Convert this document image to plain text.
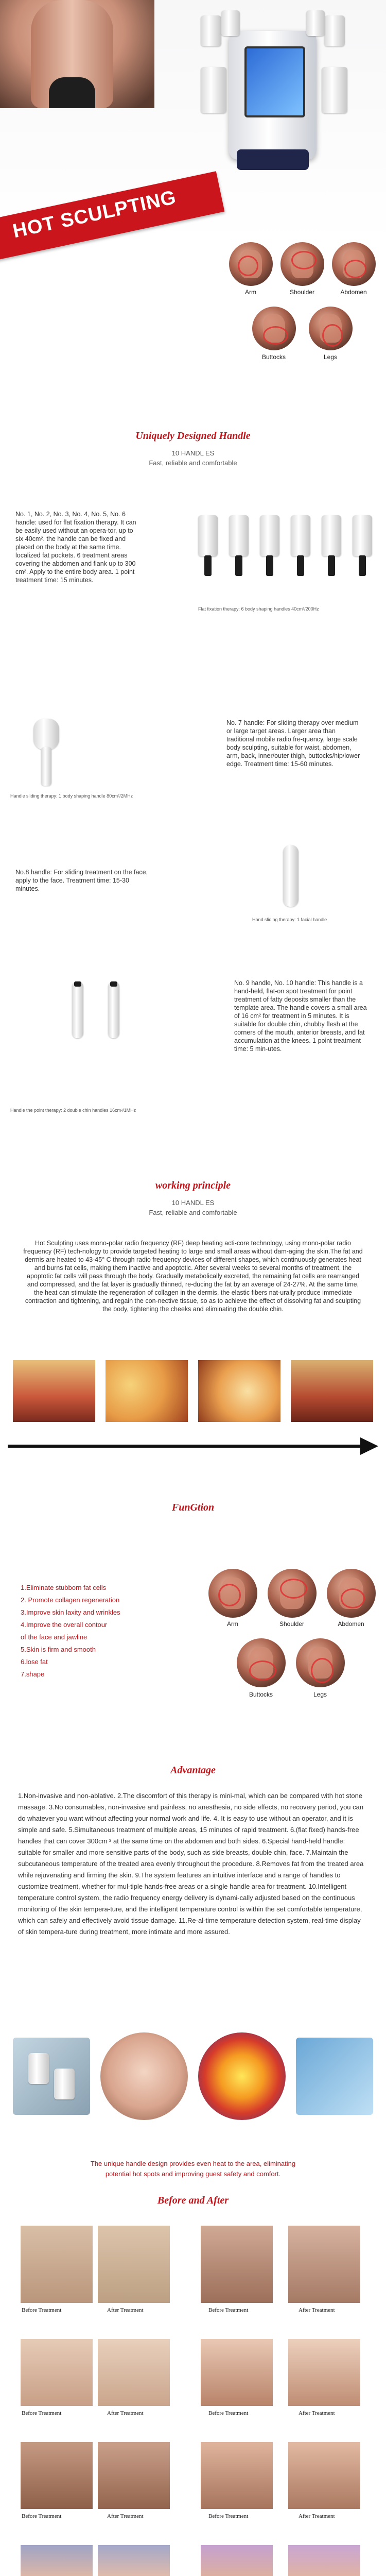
HOT SCULPTING
Arm	Shoulder	Abdomen
Buttocks	Legs
Uniquely Designed Handle
10 HANDL ES
Fast, reliable and comfortable
No. 1, No. 2, No. 3, No. 4, No. 5, No. 6 handle: used for flat fixation therapy. It can be easily used without an opera-tor, up to six 40cm². the handle can be fixed and placed on the body at the same time. localized fat pockets. 6 treatment areas covering the abdomen and flank up to 300 cm². Apply to the entire body area. 1 point treatment time: 15 minutes.
Flat fixation therapy: 6 body shaping handles 40cm²/200Hz
Handle sliding therapy: 1 body shaping handle 80cm²/2MHz
No. 7 handle: For sliding therapy over medium or large target areas. Larger area than traditional mobile radio fre-quency, large scale body sculpting, suitable for waist, abdomen, arm, back, inner/outer thigh, buttocks/hip/lower edge. Treatment time: 15-60 minutes.
No.8 handle: For sliding treatment on the face, apply to the face. Treatment time: 15-30 minutes.
Hand sliding therapy: 1 facial handle
Handle the point therapy: 2 double chin handles 16cm²/1MHz
No. 9 handle, No. 10 handle: This handle is a hand-held, flat-on spot treatment for point treatment of fatty deposits smaller than the template area. The handle covers a small area of 16 cm² for treatment in 5 minutes. It is suitable for double chin, chubby flesh at the corners of the mouth, anterior breasts, and fat accumulation at the knees. 1 point treatment time: 5 min-utes.
working principle
10 HANDL ES
Fast, reliable and comfortable
Hot Sculpting uses mono-polar radio frequency (RF) deep heating acti-core technology, using mono-polar radio frequency (RF) tech-nology to provide targeted heating to large and small areas without dam-aging the skin.The fat and dermis are heated to 43-45° C through radio frequency devices of different shapes, which continuously generates heat and burns fat cells, making them inactive and apoptotic. After several weeks to several months of treatment, the apoptotic fat cells will pass through the body. Gradually metabolically excreted, the remaining fat cells are rearranged and compressed, and the fat layer is gradually thinned, re-ducing the fat by an average of 24-27%. At the same time, the heat can stimulate the regeneration of collagen in the dermis, the elastic fibers nat-urally produce immediate contraction and tightening, and regain the con-nective tissue, so as to achieve the effect of dissolving fat and sculpting the body, tightening the cheeks and eliminating the double chin.
FunGtion
1.Eliminate stubborn fat cells
2. Promote collagen regeneration
3.Improve skin laxity and wrinkles
4.Improve the overall contour
of the face and jawline
5.Skin is firm and smooth
6.lose fat
7.shape
Arm	Shoulder	Abdomen
Buttocks	Legs
Advantage
1.Non-invasive and non-ablative. 2.The discomfort of this therapy is mini-mal, which can be compared with hot stone massage. 3.No consumables, non-invasive and painless, no anesthesia, no side effects, no recovery period, you can do whatever you want without affecting your normal work and life. 4. It is easy to use without an operator, and it is simple and safe. 5.Simultaneous treatment of multiple areas, 15 minutes of rapid treatment. 6.(flat fixed) hands-free handles that can cover 300cm ² at the same time on the abdomen and both sides. 6.Special hand-held handle: suitable for smaller and more sensitive parts of the body, such as side breasts, double chin, face. 7.Maintain the subcutaneous temperature of the treated area evenly throughout the procedure. 8.Removes fat from the treated area while rejuvenating and firming the skin. 9.The system features an intuitive interface and a range of handles to customize treatment, whether for mul-tiple hands-free areas or a single handle area for treatment. 10.Intelligent temperature control system, the radio frequency energy delivery is dynami-cally adjusted based on the continuous monitoring of the skin tempera-ture, and the intelligent temperature control is within the set comfortable temperature, which can safely and effectively avoid tissue damage. 11.Re-al-time temperature detection system, real-time display of skin tempera-ture during treatment, more intimate and more assured.
The unique handle design provides even heat to the area, eliminating
potential hot spots and improving guest safety and comfort.
Before and After
Before Treatment	After Treatment	Before Treatment	After Treatment
Before Treatment	After Treatment	Before Treatment	After Treatment
Before Treatment	After Treatment	Before Treatment	After Treatment
